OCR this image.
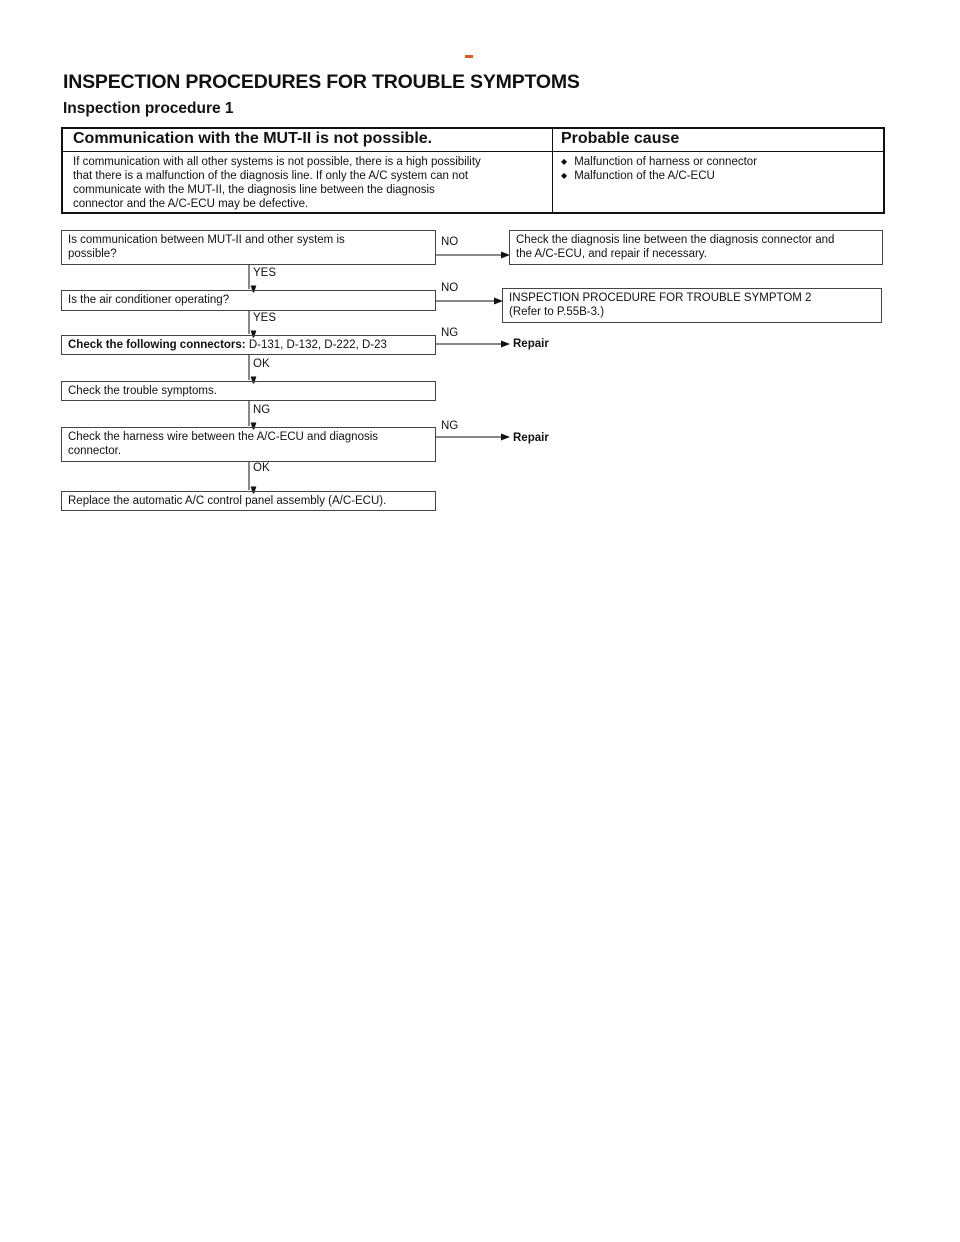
INSPECTION PROCEDURES FOR TROUBLE SYMPTOMS
Inspection procedure 1
Communication with the MUT-II is not possible.	Probable cause
If communication with all other systems is not possible, there is a high possibility
that there is a malfunction of the diagnosis line. If only the A/C system can not
communicate with the MUT-II, the diagnosis line between the diagnosis
connector and the A/C-ECU may be defective.
◆ Malfunction of harness or connector
◆ Malfunction of the A/C-ECU
Is communication between MUT-II and other system is
possible?
NO	Check the diagnosis line between the diagnosis connector and
the A/C-ECU, and repair if necessary.
YES
Is the air conditioner operating?
NO
INSPECTION PROCEDURE FOR TROUBLE SYMPTOM 2
(Refer to P.55B-3.)
YES
Check the following connectors: D-131, D-132, D-222, D-23
NG
Repair
OK
Check the trouble symptoms.
NG
Check the harness wire between the A/C-ECU and diagnosis
connector.
NG
Repair
OK
Replace the automatic A/C control panel assembly (A/C-ECU).
